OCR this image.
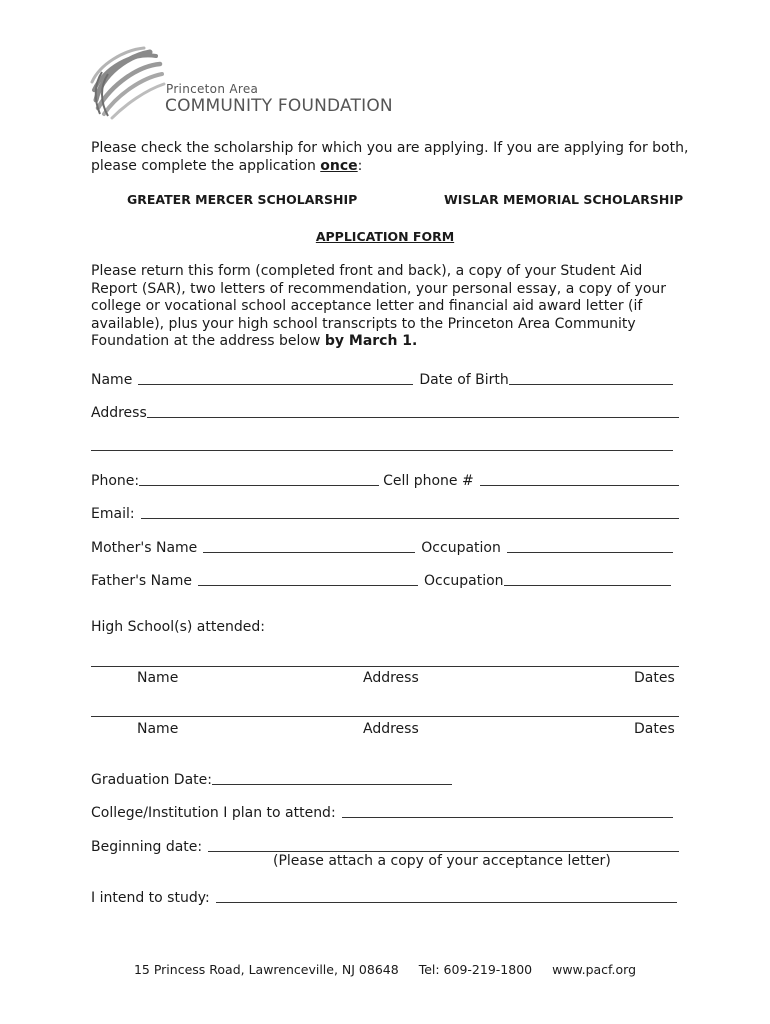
Princeton Area
COMMUNITY FOUNDATION
Please check the scholarship for which you are applying. If you are applying for both, please complete the application once:
GREATER MERCER SCHOLARSHIP	WISLAR MEMORIAL SCHOLARSHIP
APPLICATION FORM
Please return this form (completed front and back), a copy of your Student Aid Report (SAR), two letters of recommendation, your personal essay, a copy of your college or vocational school acceptance letter and financial aid award letter (if available), plus your high school transcripts to the Princeton Area Community Foundation at the address below by March 1.
Name	Date of Birth
Address
Phone:	Cell phone #
Email:
Mother's Name	Occupation
Father's Name	Occupation
High School(s) attended:
Name	Address	Dates
Name	Address	Dates
Graduation Date:
College/Institution I plan to attend:
Beginning date:
(Please attach a copy of your acceptance letter)
I intend to study:
15 Princess Road, Lawrenceville, NJ 08648 Tel: 609-219-1800 www.pacf.org
